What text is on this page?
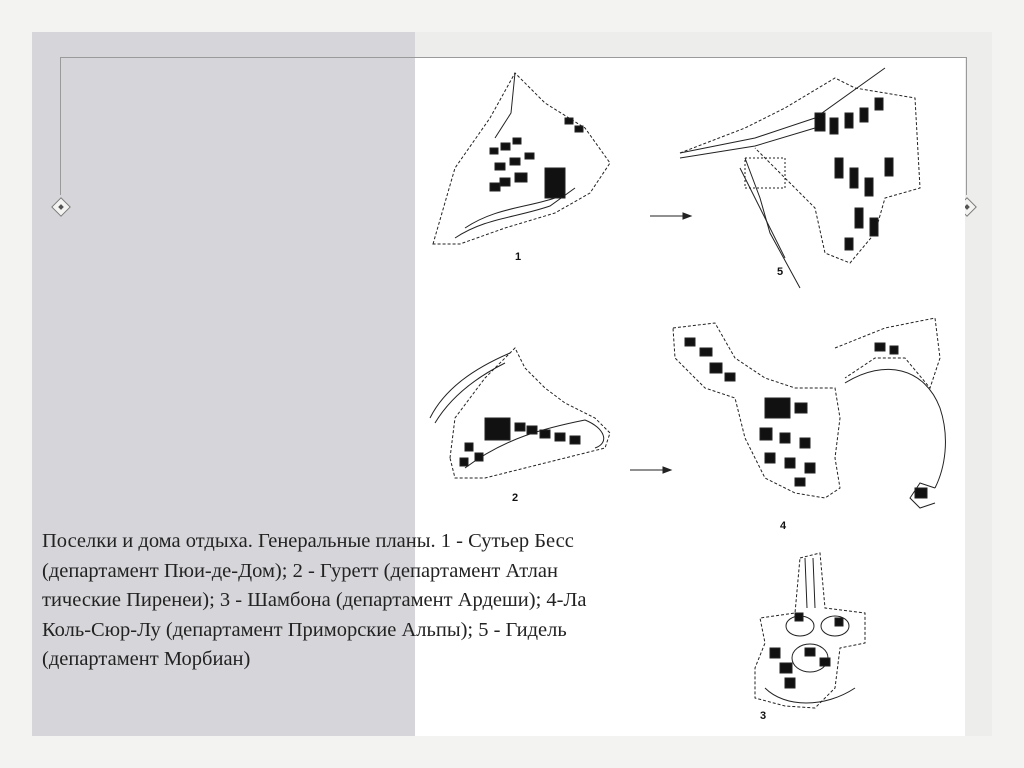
1
5
2
4
3

Поселки и дома отдыха. Генеральные планы. 1 - Сутьер Бесс
(департамент Пюи-де-Дом); 2 - Гуретт (департамент Атлан
тические Пиренеи); 3 - Шамбона (департамент Ардеши); 4-Ла
Коль-Сюр-Лу (департамент Приморские Альпы); 5 - Гидель
(департамент Морбиан)
